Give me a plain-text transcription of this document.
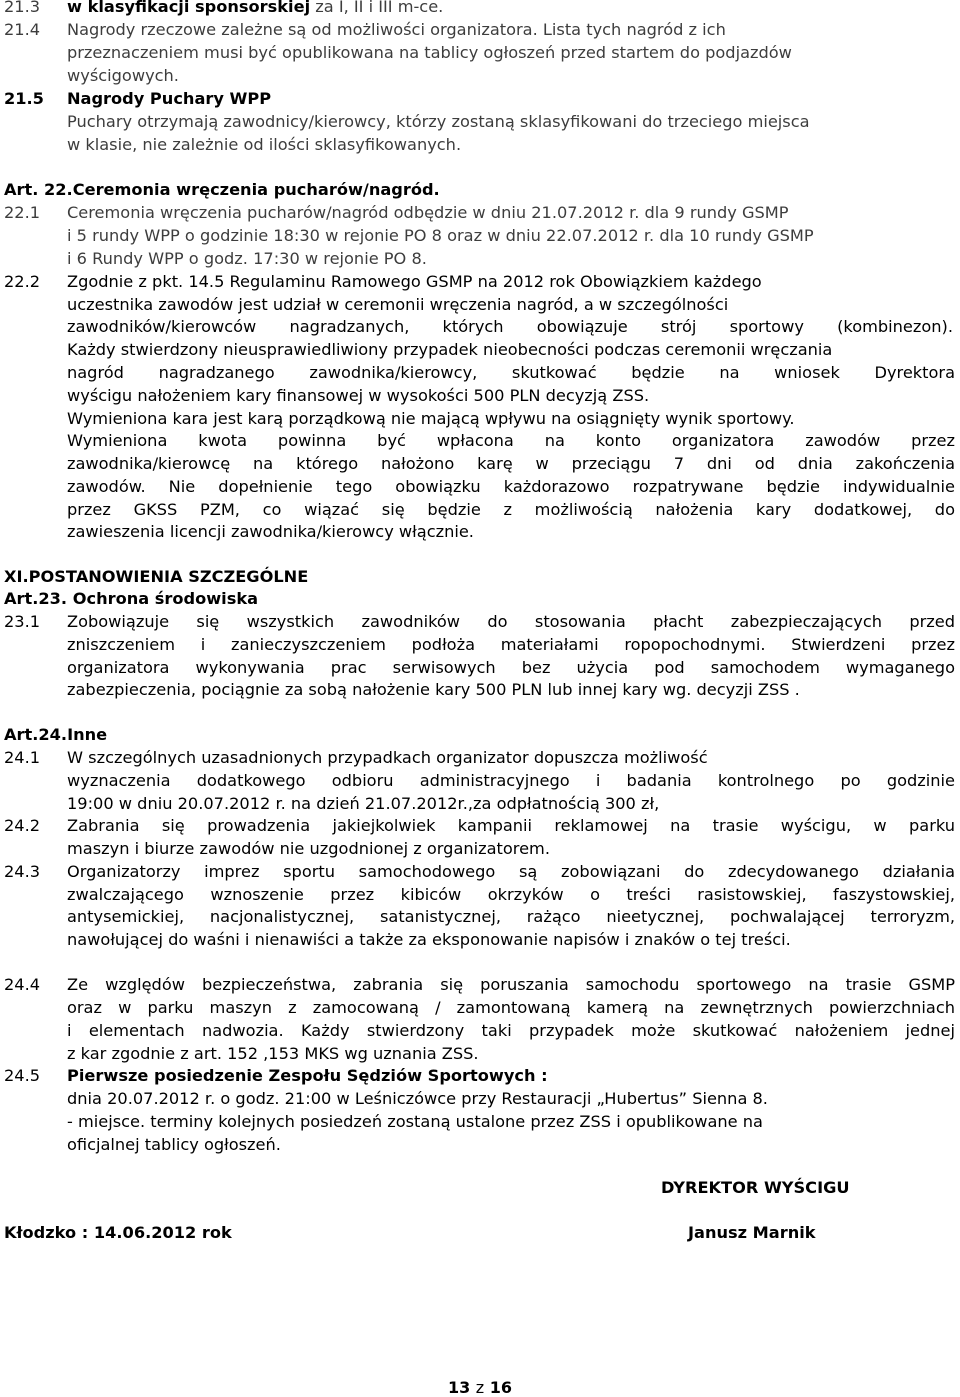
21.3 w klasyfikacji sponsorskiej za I, II i III m-ce.
21.4 Nagrody rzeczowe zależne są od możliwości organizatora. Lista tych nagród z ich
przeznaczeniem musi być opublikowana na tablicy ogłoszeń przed startem do podjazdów
wyścigowych.
21.5 Nagrody Puchary WPP
Puchary otrzymają zawodnicy/kierowcy, którzy zostaną sklasyfikowani do trzeciego miejsca
w klasie, nie zależnie od ilości sklasyfikowanych.
Art. 22.Ceremonia wręczenia pucharów/nagród.
22.1 Ceremonia wręczenia pucharów/nagród odbędzie w dniu 21.07.2012 r. dla 9 rundy GSMP
i 5 rundy WPP o godzinie 18:30 w rejonie PO 8 oraz w dniu 22.07.2012 r. dla 10 rundy GSMP
i 6 Rundy WPP o godz. 17:30 w rejonie PO 8.
22.2 Zgodnie z pkt. 14.5 Regulaminu Ramowego GSMP na 2012 rok Obowiązkiem każdego
uczestnika zawodów jest udział w ceremonii wręczenia nagród, a w szczególności
zawodników/kierowców nagradzanych, których obowiązuje strój sportowy (kombinezon).
Każdy stwierdzony nieusprawiedliwiony przypadek nieobecności podczas ceremonii wręczania
nagród nagradzanego zawodnika/kierowcy, skutkować będzie na wniosek Dyrektora
wyścigu nałożeniem kary finansowej w wysokości 500 PLN decyzją ZSS.
Wymieniona kara jest karą porządkową nie mającą wpływu na osiągnięty wynik sportowy.
Wymieniona kwota powinna być wpłacona na konto organizatora zawodów przez
zawodnika/kierowcę na którego nałożono karę w przeciągu 7 dni od dnia zakończenia
zawodów. Nie dopełnienie tego obowiązku każdorazowo rozpatrywane będzie indywidualnie
przez GKSS PZM, co wiązać się będzie z możliwością nałożenia kary dodatkowej, do
zawieszenia licencji zawodnika/kierowcy włącznie.
XI.POSTANOWIENIA SZCZEGÓLNE
Art.23. Ochrona środowiska
23.1 Zobowiązuje się wszystkich zawodników do stosowania płacht zabezpieczających przed
zniszczeniem i zanieczyszczeniem podłoża materiałami ropopochodnymi. Stwierdzeni przez
organizatora wykonywania prac serwisowych bez użycia pod samochodem wymaganego
zabezpieczenia, pociągnie za sobą nałożenie kary 500 PLN lub innej kary wg. decyzji ZSS .
Art.24.Inne
24.1 W szczególnych uzasadnionych przypadkach organizator dopuszcza możliwość
wyznaczenia dodatkowego odbioru administracyjnego i badania kontrolnego po godzinie
19:00 w dniu 20.07.2012 r. na dzień 21.07.2012r.,za odpłatnością 300 zł,
24.2 Zabrania się prowadzenia jakiejkolwiek kampanii reklamowej na trasie wyścigu, w parku
maszyn i biurze zawodów nie uzgodnionej z organizatorem.
24.3 Organizatorzy imprez sportu samochodowego są zobowiązani do zdecydowanego działania
zwalczającego wznoszenie przez kibiców okrzyków o treści rasistowskiej, faszystowskiej,
antysemickiej, nacjonalistycznej, satanistycznej, rażąco nieetycznej, pochwalającej terroryzm,
nawołującej do waśni i nienawiści a także za eksponowanie napisów i znaków o tej treści.
24.4 Ze względów bezpieczeństwa, zabrania się poruszania samochodu sportowego na trasie GSMP
oraz w parku maszyn z zamocowaną / zamontowaną kamerą na zewnętrznych powierzchniach
i elementach nadwozia. Każdy stwierdzony taki przypadek może skutkować nałożeniem jednej
z kar zgodnie z art. 152 ,153 MKS wg uznania ZSS.
24.5 Pierwsze posiedzenie Zespołu Sędziów Sportowych :
dnia 20.07.2012 r. o godz. 21:00 w Leśniczówce przy Restauracji „Hubertus” Sienna 8.
- miejsce. terminy kolejnych posiedzeń zostaną ustalone przez ZSS i opublikowane na
oficjalnej tablicy ogłoszeń.
DYREKTOR WYŚCIGU
Kłodzko : 14.06.2012 rok	Janusz Marnik
13 z 16
